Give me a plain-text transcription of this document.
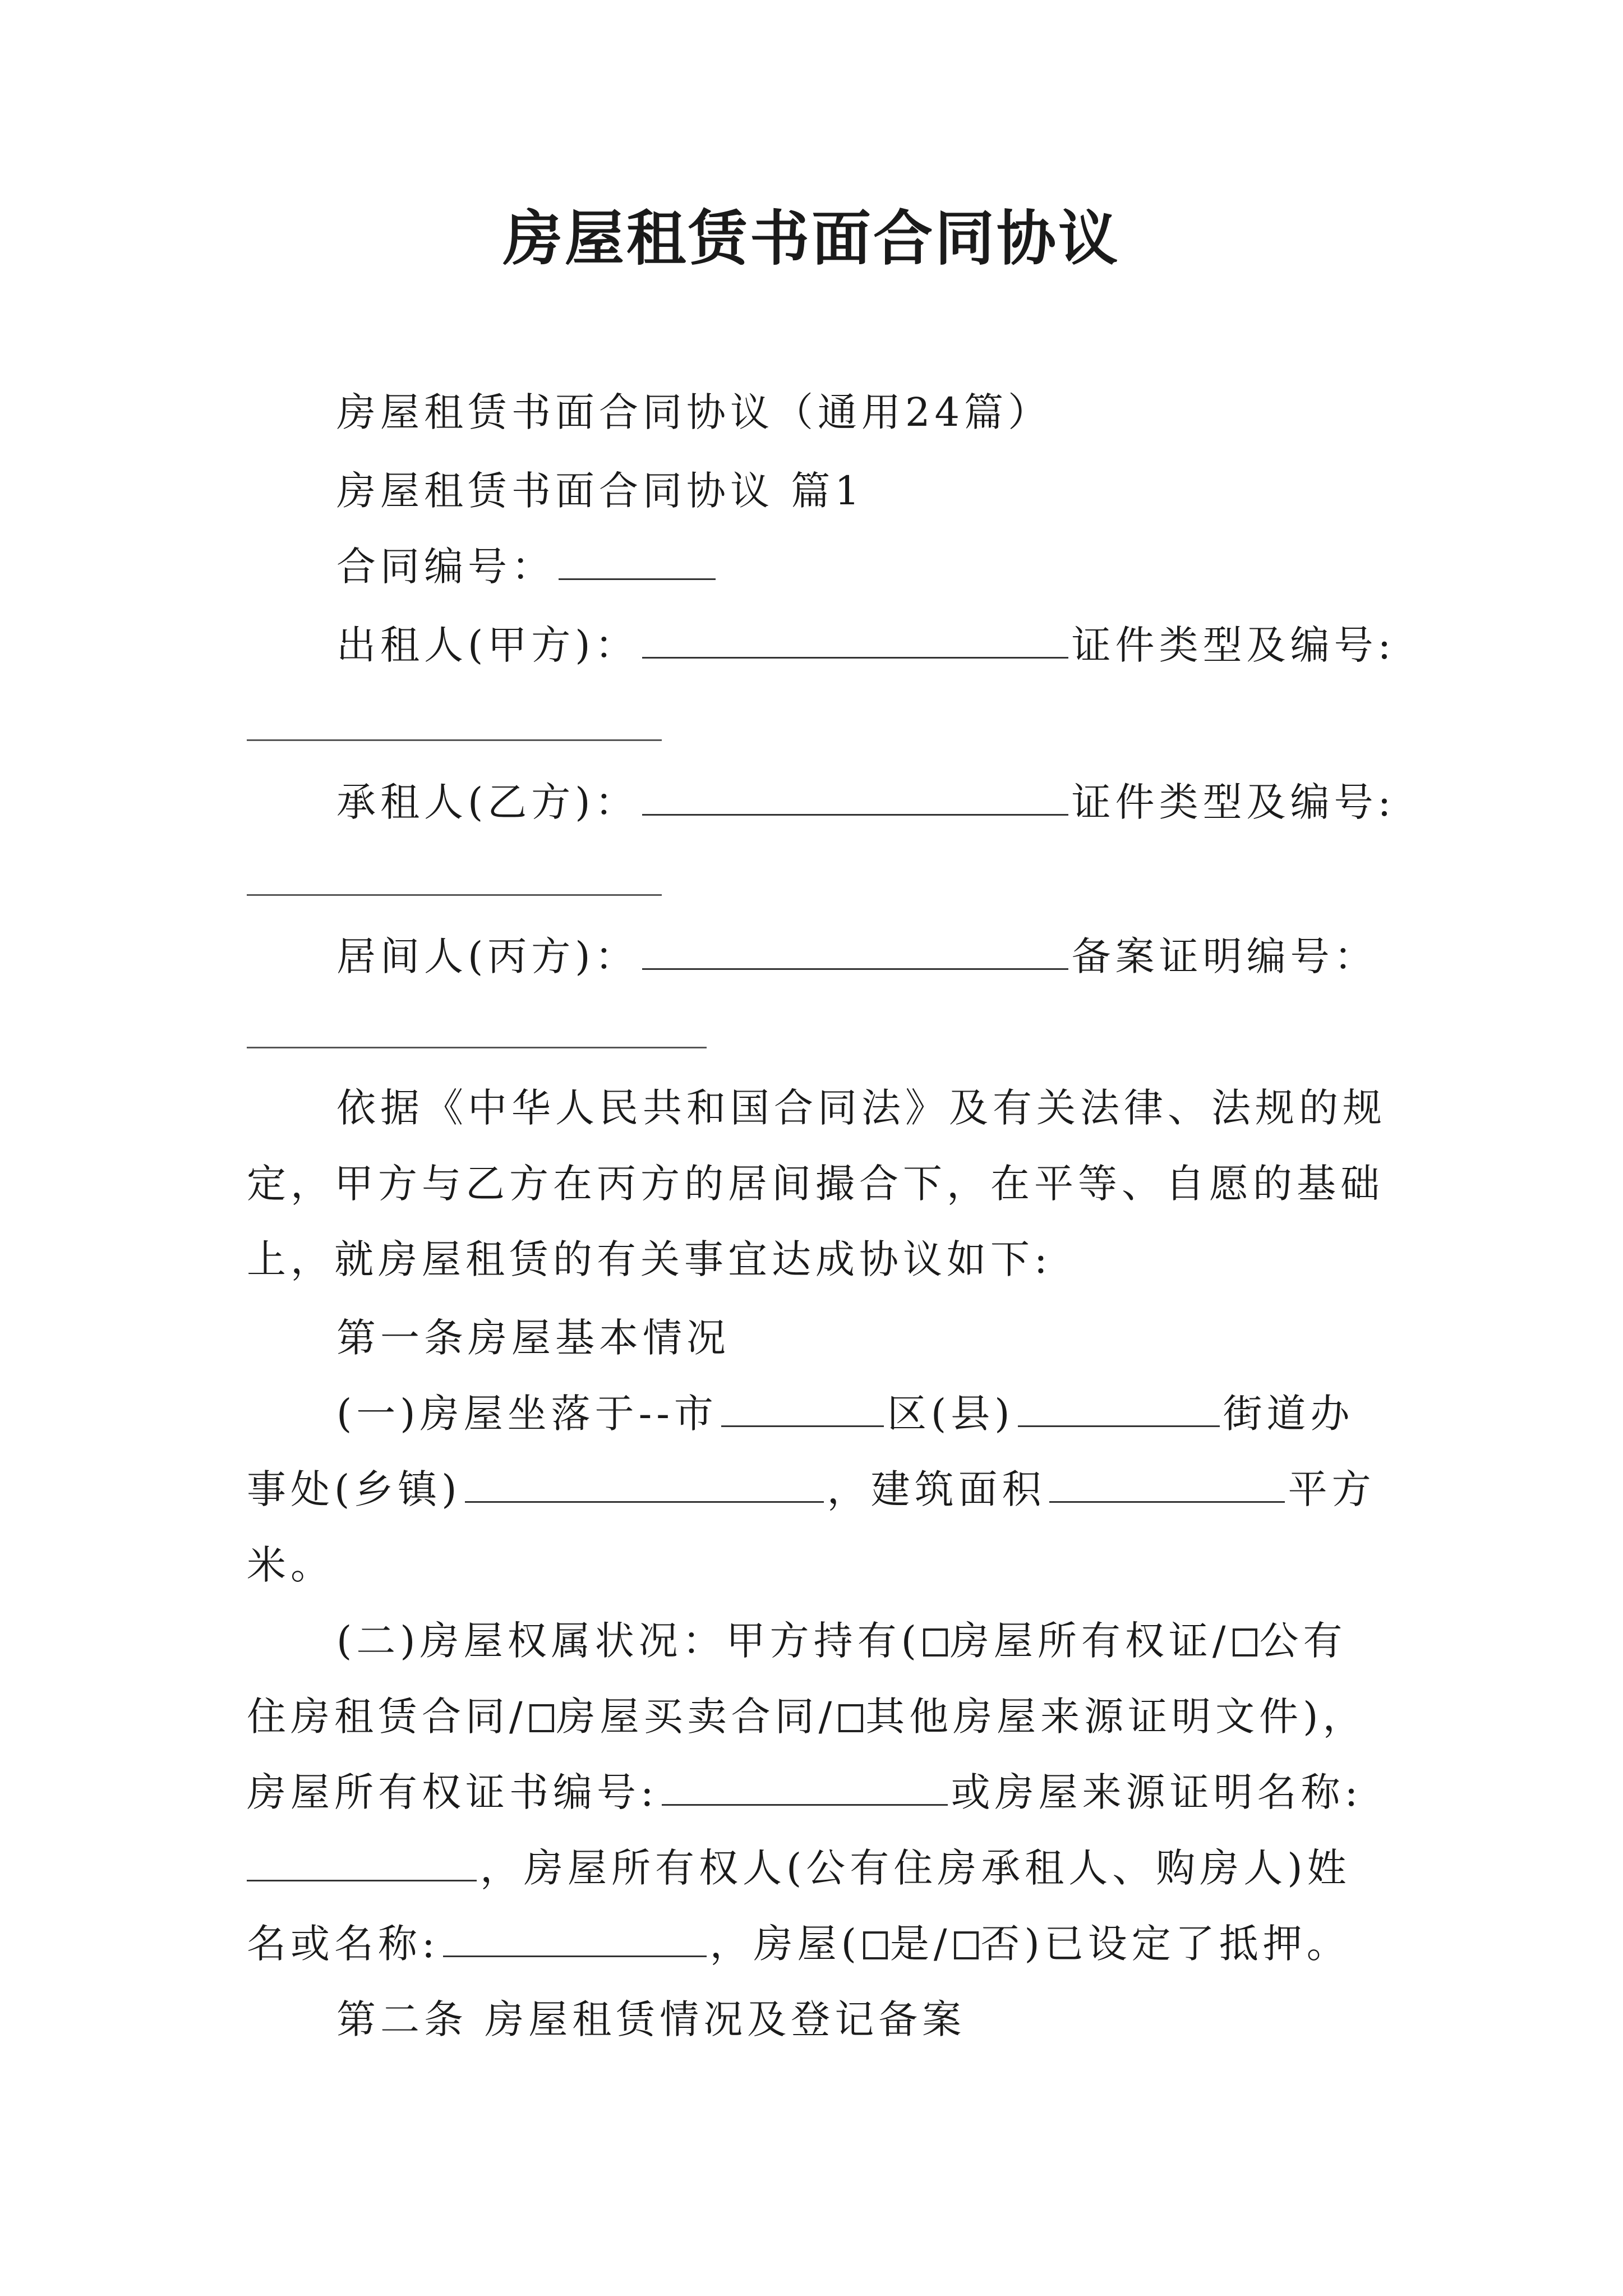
房屋租赁书面合同协议
房屋租赁书面合同协议（通用24篇）
房屋租赁书面合同协议 篇1
合同编号：
出租人(甲方)：	证件类型及编号:
承租人(乙方)：	证件类型及编号:
居间人(丙方)：	备案证明编号：
依据《中华人民共和国合同法》及有关法律、法规的规
定，甲方与乙方在丙方的居间撮合下，在平等、自愿的基础
上，就房屋租赁的有关事宜达成协议如下:
第一条房屋基本情况
(一)房屋坐落于--市	区(县)	街道办
事处(乡镇)	，建筑面积	平方
米。
(二)房屋权属状况：甲方持有( 房屋所有权证/ 公有
住房租赁合同/ 房屋买卖合同/ 其他房屋来源证明文件)，
房屋所有权证书编号:	或房屋来源证明名称:
，房屋所有权人(公有住房承租人、购房人)姓
名或名称:	，房屋( 是/ 否)已设定了抵押。
第二条 房屋租赁情况及登记备案
